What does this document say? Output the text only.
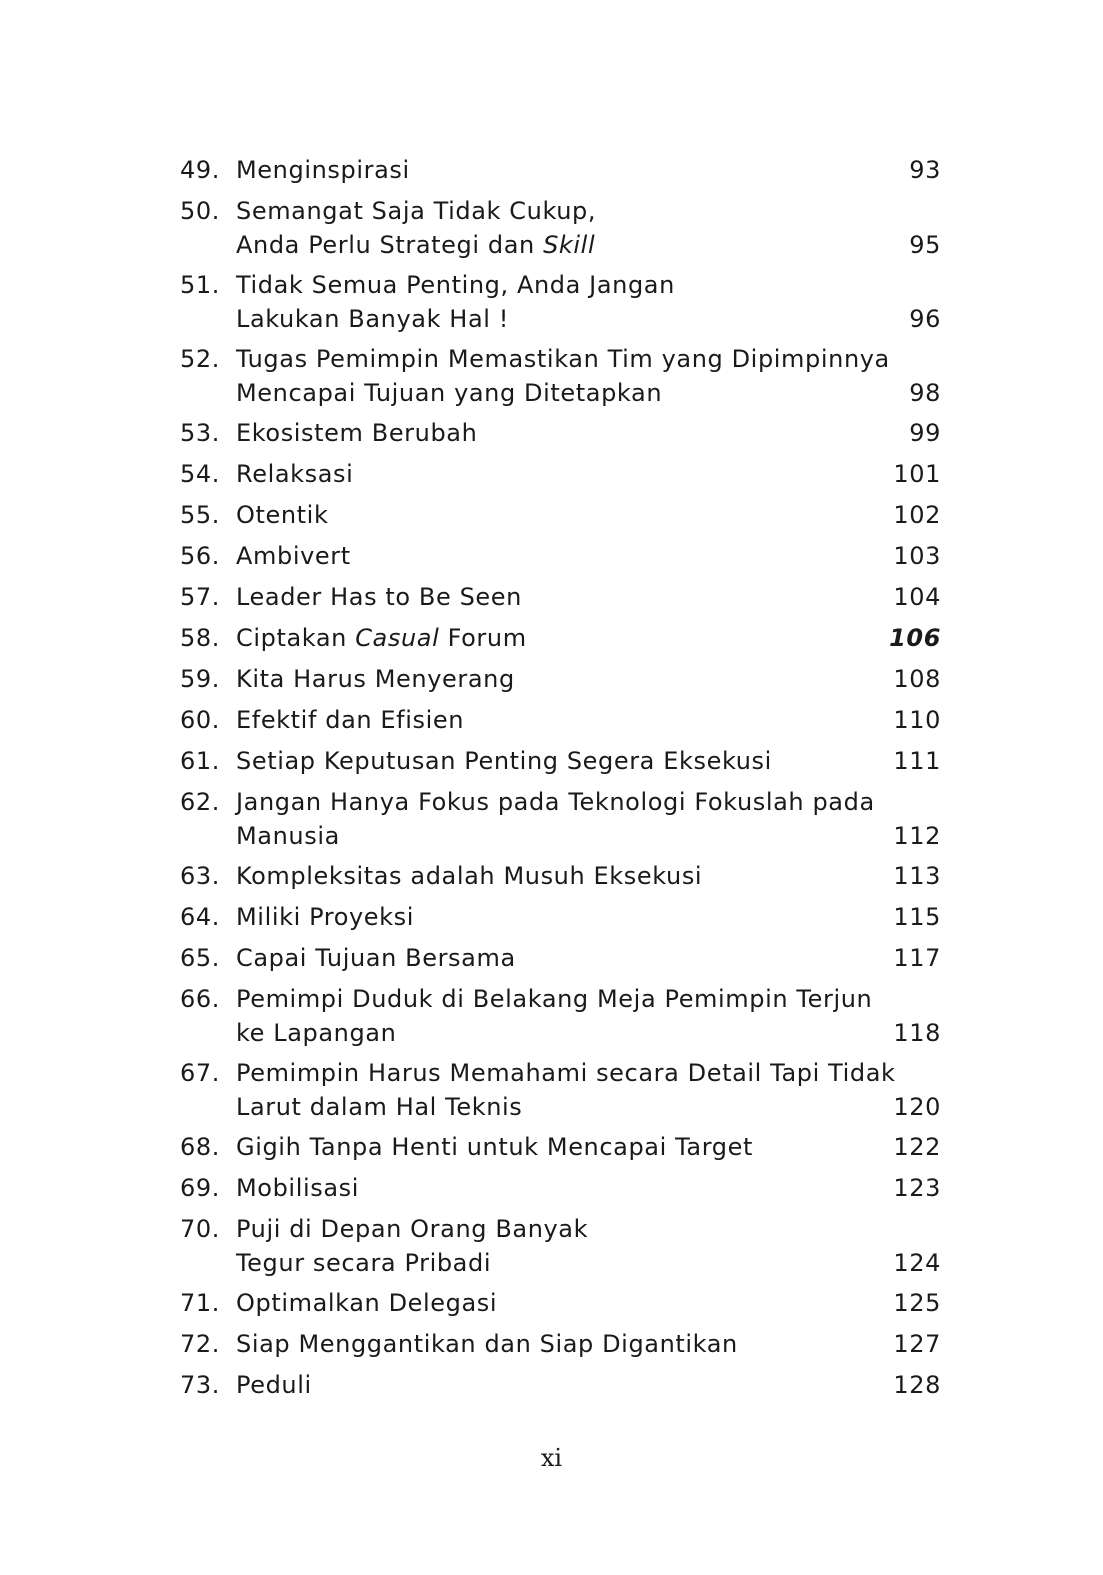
49. Menginspirasi	93
50. Semangat Saja Tidak Cukup,
Anda Perlu Strategi dan Skill	95
51. Tidak Semua Penting, Anda Jangan
Lakukan Banyak Hal !	96
52. Tugas Pemimpin Memastikan Tim yang Dipimpinnya
Mencapai Tujuan yang Ditetapkan	98
53. Ekosistem Berubah	99
54. Relaksasi	101
55. Otentik	102
56. Ambivert	103
57. Leader Has to Be Seen	104
58. Ciptakan Casual Forum	106
59. Kita Harus Menyerang	108
60. Efektif dan Efisien	110
61. Setiap Keputusan Penting Segera Eksekusi	111
62. Jangan Hanya Fokus pada Teknologi Fokuslah pada
Manusia	112
63. Kompleksitas adalah Musuh Eksekusi	113
64. Miliki Proyeksi	115
65. Capai Tujuan Bersama	117
66. Pemimpi Duduk di Belakang Meja Pemimpin Terjun
ke Lapangan	118
67. Pemimpin Harus Memahami secara Detail Tapi Tidak
Larut dalam Hal Teknis	120
68. Gigih Tanpa Henti untuk Mencapai Target	122
69. Mobilisasi	123
70. Puji di Depan Orang Banyak
Tegur secara Pribadi	124
71. Optimalkan Delegasi	125
72. Siap Menggantikan dan Siap Digantikan	127
73. Peduli	128
xi
